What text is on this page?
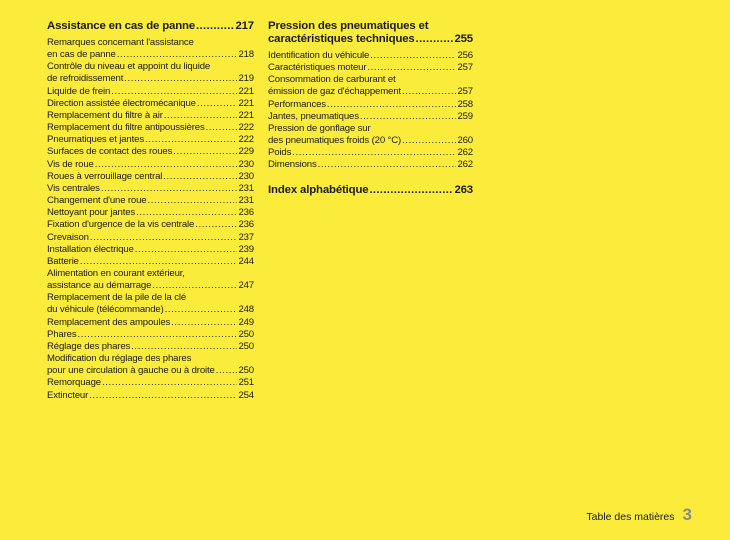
Assistance en cas de panne .....	217
Remarques concernant l'assistance
en cas de panne .....	218
Contrôle du niveau et appoint du liquide
de refroidissement .....	219
Liquide de frein .....	221
Direction assistée électromécanique .....	221
Remplacement du filtre à air .....	221
Remplacement du filtre antipoussières .....	222
Pneumatiques et jantes .....	222
Surfaces de contact des roues .....	229
Vis de roue .....	230
Roues à verrouillage central .....	230
Vis centrales .....	231
Changement d'une roue .....	231
Nettoyant pour jantes .....	236
Fixation d'urgence de la vis centrale .....	236
Crevaison .....	237
Installation électrique .....	239
Batterie .....	244
Alimentation en courant extérieur,
assistance au démarrage .....	247
Remplacement de la pile de la clé
du véhicule (télécommande) .....	248
Remplacement des ampoules .....	249
Phares .....	250
Réglage des phares .....	250
Modification du réglage des phares
pour une circulation à gauche ou à droite ..... 250
Remorquage .....	251
Extincteur .....	254
Pression des pneumatiques et
caractéristiques techniques .....	255
Identification du véhicule .....	256
Caractéristiques moteur .....	257
Consommation de carburant et
émission de gaz d'échappement .....	257
Performances .....	258
Jantes, pneumatiques .....	259
Pression de gonflage sur
des pneumatiques froids (20 °C) .....	260
Poids .....	262
Dimensions .....	262
Index alphabétique .....	263
Table des matières 3
